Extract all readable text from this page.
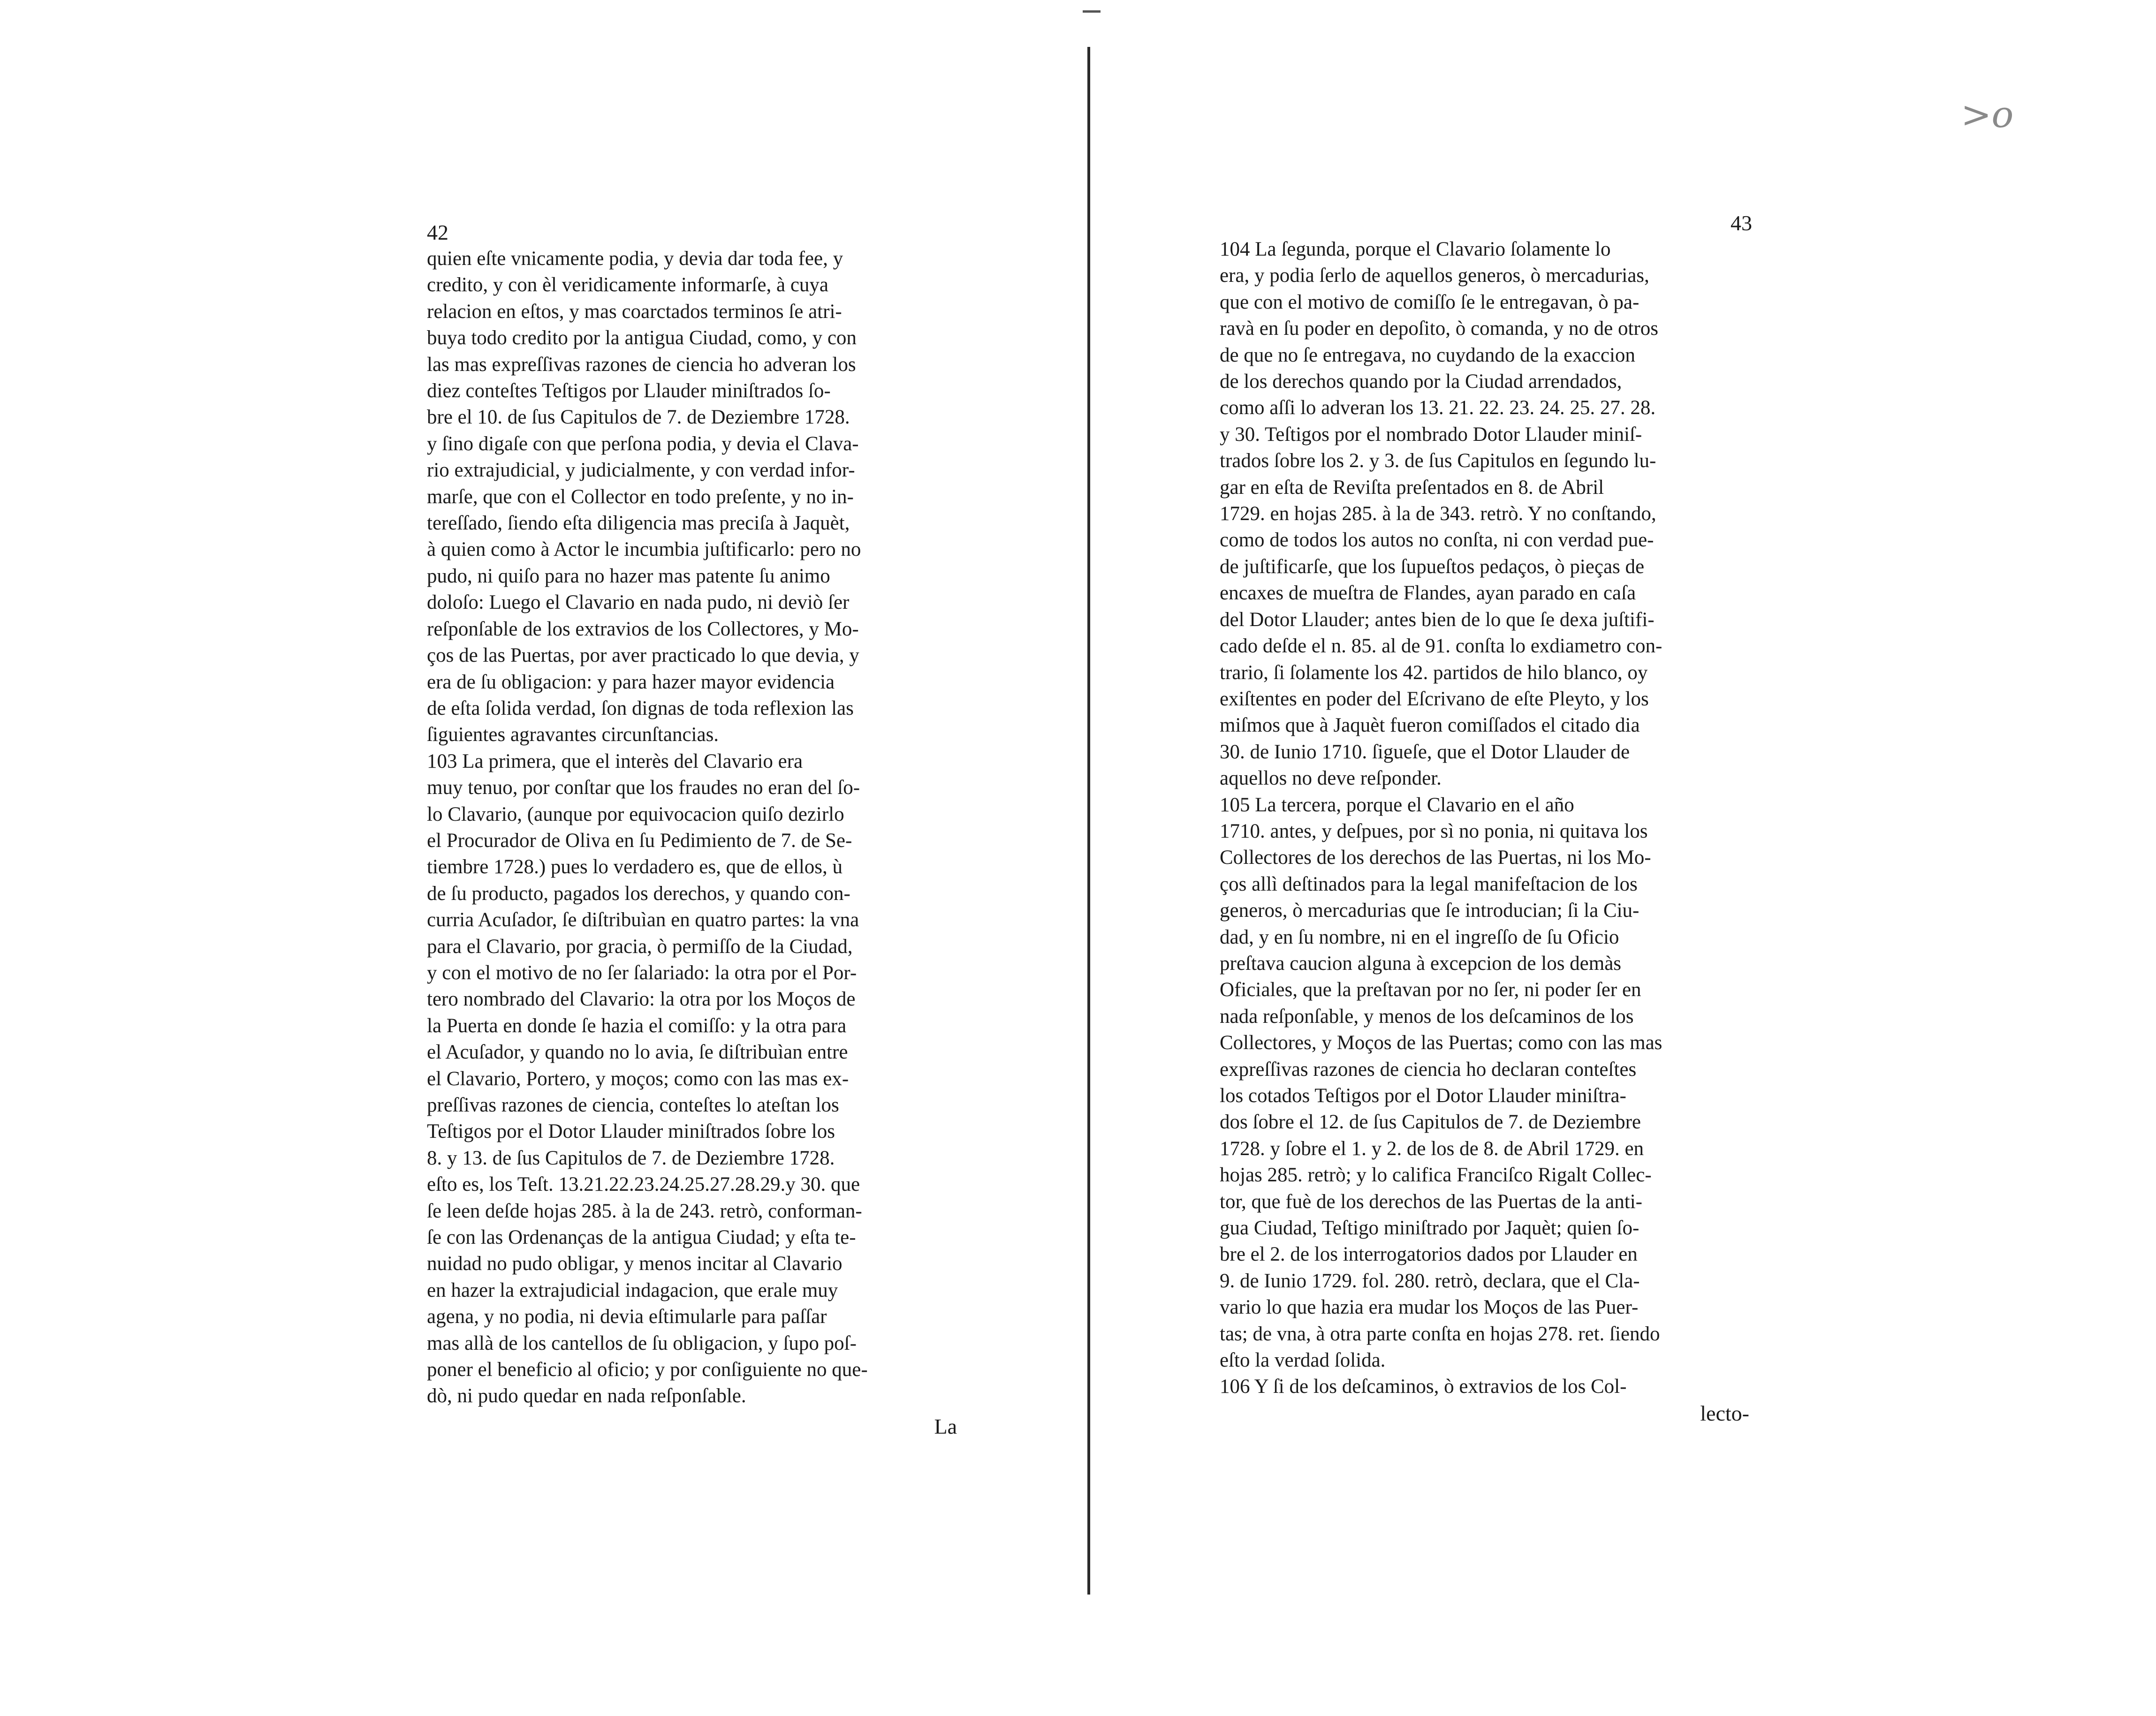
>o
42
quien eſte vnicamente podia, y devia dar toda fee, y
credito, y con èl veridicamente informarſe, à cuya
relacion en eſtos, y mas coarctados terminos ſe atri-
buya todo credito por la antigua Ciudad, como, y con
las mas expreſſivas razones de ciencia ho adveran los
diez conteſtes Teſtigos por Llauder miniſtrados ſo-
bre el 10. de ſus Capitulos de 7. de Deziembre 1728.
y ſino digaſe con que perſona podia, y devia el Clava-
rio extrajudicial, y judicialmente, y con verdad infor-
marſe, que con el Collector en todo preſente, y no in-
tereſſado, ſiendo eſta diligencia mas preciſa à Jaquèt,
à quien como à Actor le incumbia juſtificarlo: pero no
pudo, ni quiſo para no hazer mas patente ſu animo
doloſo: Luego el Clavario en nada pudo, ni deviò ſer
reſponſable de los extravios de los Collectores, y Mo-
ços de las Puertas, por aver practicado lo que devia, y
era de ſu obligacion: y para hazer mayor evidencia
de eſta ſolida verdad, ſon dignas de toda reflexion las
ſiguientes agravantes circunſtancias.
103 La primera, que el interès del Clavario era
muy tenuo, por conſtar que los fraudes no eran del ſo-
lo Clavario, (aunque por equivocacion quiſo dezirlo
el Procurador de Oliva en ſu Pedimiento de 7. de Se-
tiembre 1728.) pues lo verdadero es, que de ellos, ù
de ſu producto, pagados los derechos, y quando con-
curria Acuſador, ſe diſtribuìan en quatro partes: la vna
para el Clavario, por gracia, ò permiſſo de la Ciudad,
y con el motivo de no ſer ſalariado: la otra por el Por-
tero nombrado del Clavario: la otra por los Moços de
la Puerta en donde ſe hazia el comiſſo: y la otra para
el Acuſador, y quando no lo avia, ſe diſtribuìan entre
el Clavario, Portero, y moços; como con las mas ex-
preſſivas razones de ciencia, conteſtes lo ateſtan los
Teſtigos por el Dotor Llauder miniſtrados ſobre los
8. y 13. de ſus Capitulos de 7. de Deziembre 1728.
eſto es, los Teſt. 13.21.22.23.24.25.27.28.29.y 30. que
ſe leen deſde hojas 285. à la de 243. retrò, conforman-
ſe con las Ordenanças de la antigua Ciudad; y eſta te-
nuidad no pudo obligar, y menos incitar al Clavario
en hazer la extrajudicial indagacion, que erale muy
agena, y no podia, ni devia eſtimularle para paſſar
mas allà de los cantellos de ſu obligacion, y ſupo poſ-
poner el beneficio al oficio; y por conſiguiente no que-
dò, ni pudo quedar en nada reſponſable.
La
43
104 La ſegunda, porque el Clavario ſolamente lo
era, y podia ſerlo de aquellos generos, ò mercadurias,
que con el motivo de comiſſo ſe le entregavan, ò pa-
ravà en ſu poder en depoſito, ò comanda, y no de otros
de que no ſe entregava, no cuydando de la exaccion
de los derechos quando por la Ciudad arrendados,
como aſſi lo adveran los 13. 21. 22. 23. 24. 25. 27. 28.
y 30. Teſtigos por el nombrado Dotor Llauder miniſ-
trados ſobre los 2. y 3. de ſus Capitulos en ſegundo lu-
gar en eſta de Reviſta preſentados en 8. de Abril
1729. en hojas 285. à la de 343. retrò. Y no conſtando,
como de todos los autos no conſta, ni con verdad pue-
de juſtificarſe, que los ſupueſtos pedaços, ò pieças de
encaxes de mueſtra de Flandes, ayan parado en caſa
del Dotor Llauder; antes bien de lo que ſe dexa juſtifi-
cado deſde el n. 85. al de 91. conſta lo exdiametro con-
trario, ſi ſolamente los 42. partidos de hilo blanco, oy
exiſtentes en poder del Eſcrivano de eſte Pleyto, y los
miſmos que à Jaquèt fueron comiſſados el citado dia
30. de Iunio 1710. ſigueſe, que el Dotor Llauder de
aquellos no deve reſponder.
105 La tercera, porque el Clavario en el año
1710. antes, y deſpues, por sì no ponia, ni quitava los
Collectores de los derechos de las Puertas, ni los Mo-
ços allì deſtinados para la legal manifeſtacion de los
generos, ò mercadurias que ſe introducian; ſi la Ciu-
dad, y en ſu nombre, ni en el ingreſſo de ſu Oficio
preſtava caucion alguna à excepcion de los demàs
Oficiales, que la preſtavan por no ſer, ni poder ſer en
nada reſponſable, y menos de los deſcaminos de los
Collectores, y Moços de las Puertas; como con las mas
expreſſivas razones de ciencia ho declaran conteſtes
los cotados Teſtigos por el Dotor Llauder miniſtra-
dos ſobre el 12. de ſus Capitulos de 7. de Deziembre
1728. y ſobre el 1. y 2. de los de 8. de Abril 1729. en
hojas 285. retrò; y lo califica Franciſco Rigalt Collec-
tor, que fuè de los derechos de las Puertas de la anti-
gua Ciudad, Teſtigo miniſtrado por Jaquèt; quien ſo-
bre el 2. de los interrogatorios dados por Llauder en
9. de Iunio 1729. fol. 280. retrò, declara, que el Cla-
vario lo que hazia era mudar los Moços de las Puer-
tas; de vna, à otra parte conſta en hojas 278. ret. ſiendo
eſto la verdad ſolida.
106 Y ſi de los deſcaminos, ò extravios de los Col-
lecto-
